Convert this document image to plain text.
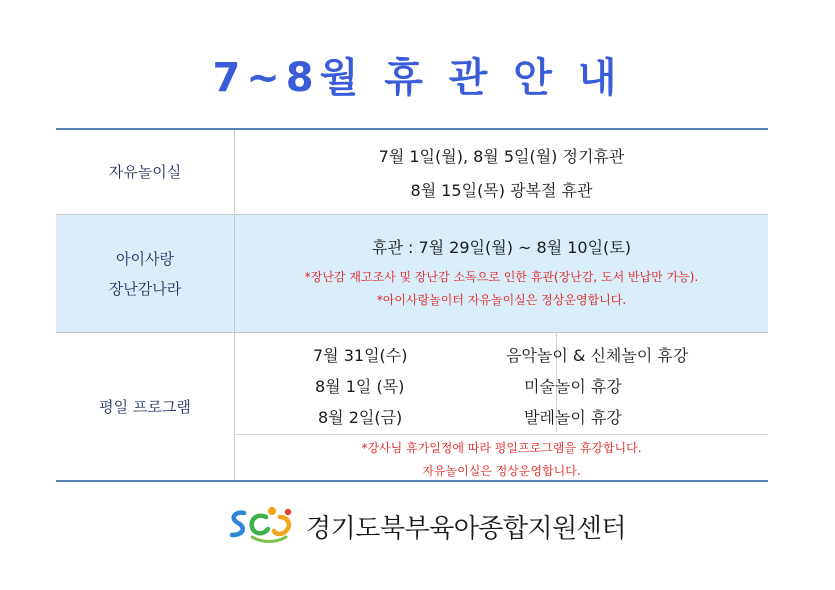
7~8월 휴 관 안 내
자유놀이실
7월 1일(월), 8월 5일(월) 정기휴관
8월 15일(목) 광복절 휴관
아이사랑
장난감나라
휴관 : 7월 29일(월) ~ 8월 10일(토)
*장난감 재고조사 및 장난감 소독으로 인한 휴관(장난감, 도서 반납만 가능).
*아이사랑놀이터 자유놀이실은 정상운영합니다.
평일 프로그램
7월 31일(수)	음악놀이 & 신체놀이 휴강
8월 1일 (목)	미술놀이 휴강
8월 2일(금)	발레놀이 휴강
*강사님 휴가일정에 따라 평일프로그램을 휴강합니다.
자유놀이실은 정상운영합니다.
경기도북부육아종합지원센터
